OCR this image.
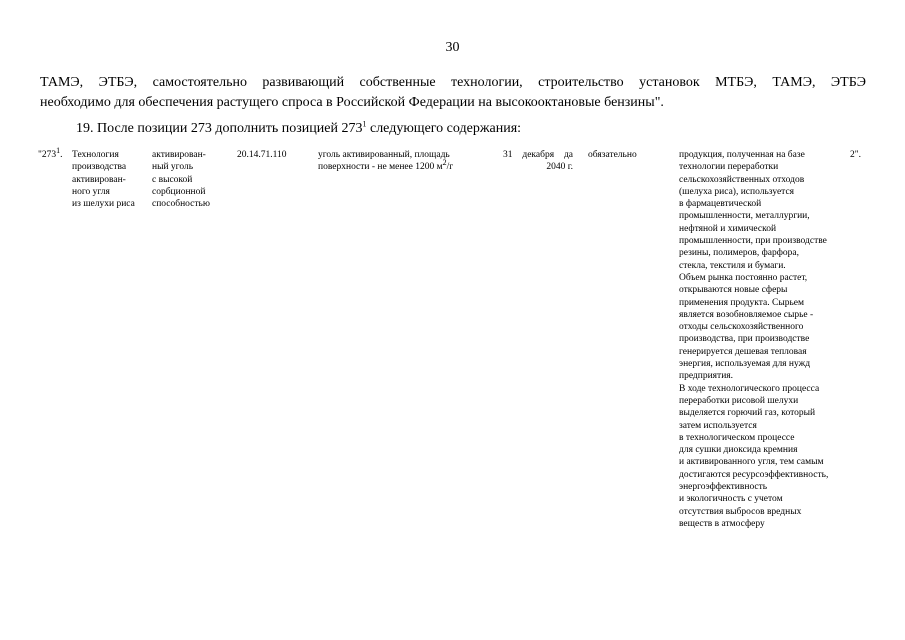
30
ТАМЭ, ЭТБЭ, самостоятельно развивающий собственные технологии, строительство установок МТБЭ, ТАМЭ, ЭТБЭ
необходимо для обеспечения растущего спроса в Российской Федерации на высокооктановые бензины".
19. После позиции 273 дополнить позицией $273^1$ следующего содержания:
"$273^1$. Технология
производства
активирован-
ного угля
из шелухи риса
активирован-
ный уголь
с высокой
сорбционной
способностью
20.14.71.110	уголь активированный, площадь
поверхности - не менее 1200 $м^2/г$
31 декабря да
2040 г.
обязательно	продукция, полученная на базе
технологии переработки
сельскохозяйственных отходов
(шелуха риса), используется
в фармацевтической
промышленности, металлургии,
нефтяной и химической
промышленности, при производстве
резины, полимеров, фарфора,
стекла, текстиля и бумаги.
Объем рынка постоянно растет,
открываются новые сферы
применения продукта. Сырьем
является возобновляемое сырье -
отходы сельскохозяйственного
производства, при производстве
генерируется дешевая тепловая
энергия, используемая для нужд
предприятия.
В ходе технологического процесса
переработки рисовой шелухи
выделяется горючий газ, который
затем используется
в технологическом процессе
для сушки диоксида кремния
и активированного угля, тем самым
достигаются ресурсоэффективность,
энергоэффективность
и экологичность с учетом
отсутствия выбросов вредных
веществ в атмосферу
2".
